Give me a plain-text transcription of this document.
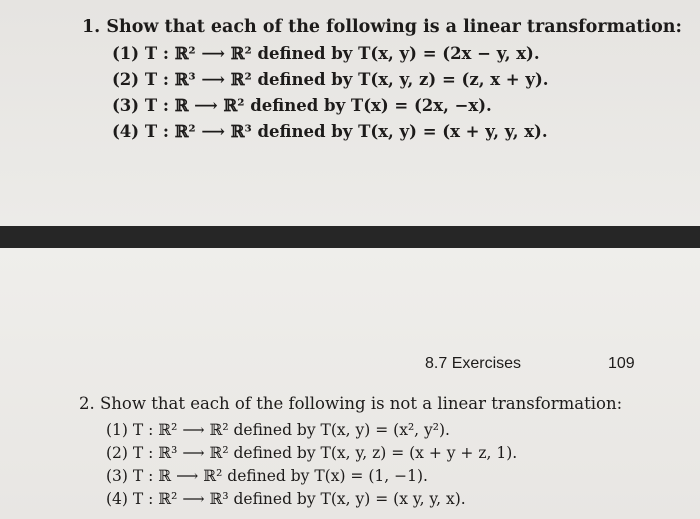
1. Show that each of the following is a linear transformation:
(1) T : ℝ² ⟶ ℝ² defined by T(x, y) = (2x − y, x).
(2) T : ℝ³ ⟶ ℝ² defined by T(x, y, z) = (z, x + y).
(3) T : ℝ ⟶ ℝ² defined by T(x) = (2x, −x).
(4) T : ℝ² ⟶ ℝ³ defined by T(x, y) = (x + y, y, x).
8.7 Exercises	109
2. Show that each of the following is not a linear transformation:
(1) T : ℝ² ⟶ ℝ² defined by T(x, y) = (x², y²).
(2) T : ℝ³ ⟶ ℝ² defined by T(x, y, z) = (x + y + z, 1).
(3) T : ℝ ⟶ ℝ² defined by T(x) = (1, −1).
(4) T : ℝ² ⟶ ℝ³ defined by T(x, y) = (x y, y, x).
